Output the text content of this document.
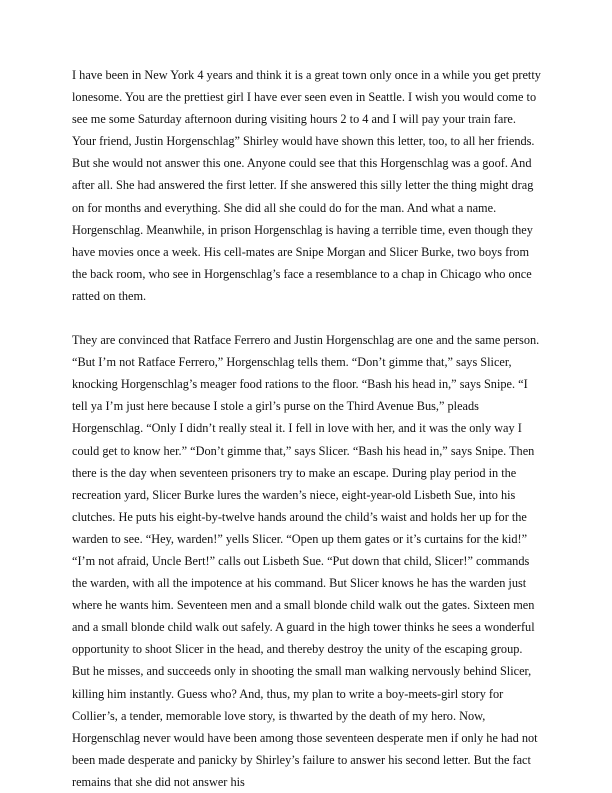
I have been in New York 4 years and think it is a great town only once in a while you get pretty lonesome. You are the prettiest girl I have ever seen even in Seattle. I wish you would come to see me some Saturday afternoon during visiting hours 2 to 4 and I will pay your train fare. Your friend, Justin Horgenschlag” Shirley would have shown this letter, too, to all her friends. But she would not answer this one. Anyone could see that this Horgenschlag was a goof. And after all. She had answered the first letter. If she answered this silly letter the thing might drag on for months and everything. She did all she could do for the man. And what a name. Horgenschlag. Meanwhile, in prison Horgenschlag is having a terrible time, even though they have movies once a week. His cell-mates are Snipe Morgan and Slicer Burke, two boys from the back room, who see in Horgenschlag’s face a resemblance to a chap in Chicago who once ratted on them.

They are convinced that Ratface Ferrero and Justin Horgenschlag are one and the same person. “But I’m not Ratface Ferrero,” Horgenschlag tells them. “Don’t gimme that,” says Slicer, knocking Horgenschlag’s meager food rations to the floor. “Bash his head in,” says Snipe. “I tell ya I’m just here because I stole a girl’s purse on the Third Avenue Bus,” pleads Horgenschlag. “Only I didn’t really steal it. I fell in love with her, and it was the only way I could get to know her.” “Don’t gimme that,” says Slicer. “Bash his head in,” says Snipe. Then there is the day when seventeen prisoners try to make an escape. During play period in the recreation yard, Slicer Burke lures the warden’s niece, eight-year-old Lisbeth Sue, into his clutches. He puts his eight-by-twelve hands around the child’s waist and holds her up for the warden to see. “Hey, warden!” yells Slicer. “Open up them gates or it’s curtains for the kid!” “I’m not afraid, Uncle Bert!” calls out Lisbeth Sue. “Put down that child, Slicer!” commands the warden, with all the impotence at his command. But Slicer knows he has the warden just where he wants him. Seventeen men and a small blonde child walk out the gates. Sixteen men and a small blonde child walk out safely. A guard in the high tower thinks he sees a wonderful opportunity to shoot Slicer in the head, and thereby destroy the unity of the escaping group. But he misses, and succeeds only in shooting the small man walking nervously behind Slicer, killing him instantly. Guess who? And, thus, my plan to write a boy-meets-girl story for Collier’s, a tender, memorable love story, is thwarted by the death of my hero. Now, Horgenschlag never would have been among those seventeen desperate men if only he had not been made desperate and panicky by Shirley’s failure to answer his second letter. But the fact remains that she did not answer his
